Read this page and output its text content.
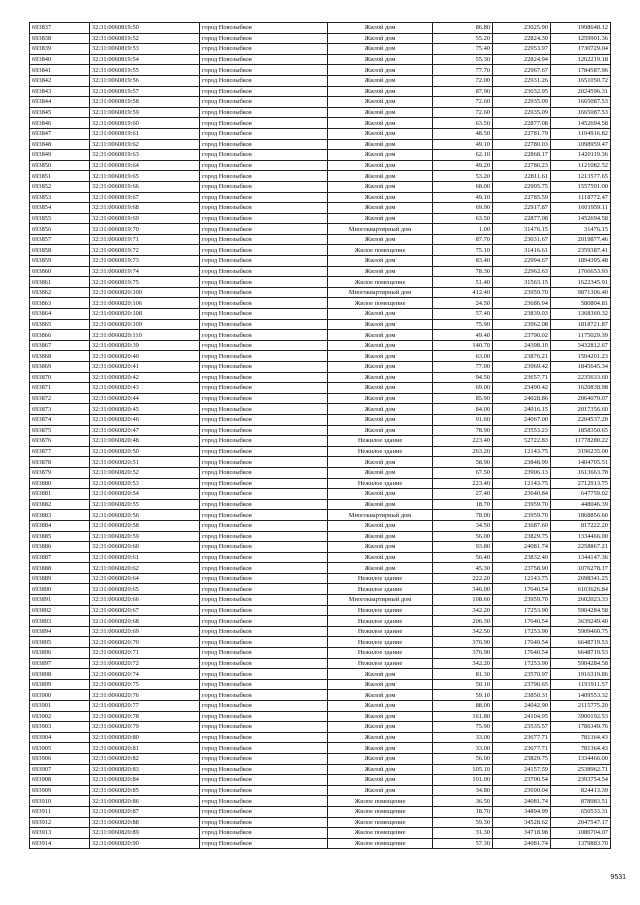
693837	32:31:0060819:50	город Новозыбков	Жилой дом	86.80	23025.90	1998648.12
693838	32:31:0060819:52	город Новозыбков	Жилой дом	55.20	22824.30	1259901.36
693839	32:31:0060819:53	город Новозыбков	Жилой дом	75.40	22953.97	1730729.04
693840	32:31:0060819:54	город Новозыбков	Жилой дом	55.30	22824.94	1262219.18
693841	32:31:0060819:55	город Новозыбков	Жилой дом	77.70	22967.67	1784587.96
693842	32:31:0060819:56	город Новозыбков	Жилой дом	72.00	22931.26	1651050.72
693843	32:31:0060819:57	город Новозыбков	Жилой дом	87.90	23032.95	2024596.31
693844	32:31:0060819:58	город Новозыбков	Жилой дом	72.60	22935.09	1665087.53
693845	32:31:0060819:59	город Новозыбков	Жилой дом	72.60	22935.09	1665087.53
693846	32:31:0060819:60	город Новозыбков	Жилой дом	63.50	22877.08	1452694.58
693847	32:31:0060819:61	город Новозыбков	Жилой дом	48.50	22781.79	1104916.82
693848	32:31:0060819:62	город Новозыбков	Жилой дом	49.10	22780.03	1098959.47
693849	32:31:0060819:63	город Новозыбков	Жилой дом	62.10	22868.17	1420119.36
693850	32:31:0060819:64	город Новозыбков	Жилой дом	49.20	22786.23	1121082.52
693851	32:31:0060819:65	город Новозыбков	Жилой дом	53.20	22811.61	1213577.65
693852	32:31:0060819:66	город Новозыбков	Жилой дом	68.00	22905.75	1557591.00
693853	32:31:0060819:67	город Новозыбков	Жилой дом	49.10	22785.59	1118772.47
693854	32:31:0060819:68	город Новозыбков	Жилой дом	69.90	22917.87	1601959.11
693855	32:31:0060819:69	город Новозыбков	Жилой дом	63.50	22877.08	1452694.58
693856	32:31:0060819:70	город Новозыбков	Многоквартирный дом	1.00	31476.15	31476.15
693857	32:31:0060819:71	город Новозыбков	Жилой дом	87.70	23031.67	2019877.46
693858	32:31:0060819:72	город Новозыбков	Жилое помещение	75.10	31416.61	2359387.41
693859	32:31:0060819:73	город Новозыбков	Жилой дом	83.40	22994.67	1894395.48
693860	32:31:0060819:74	город Новозыбков	Жилой дом	78.30	22962.63	1766653.93
693861	32:31:0060819:75	город Новозыбков	Жилое помещение	51.40	31563.15	1622345.91
693862	32:31:0060820:100	город Новозыбков	Многоквартирный дом	412.40	23959.70	9871306.40
693863	32:31:0060820:106	город Новозыбков	Жилое помещение	24.50	23686.94	580804.81
693864	32:31:0060820:108	город Новозыбков	Жилой дом	57.40	23839.03	1368360.32
693865	32:31:0060820:109	город Новозыбков	Жилой дом	75.90	23962.08	1818721.87
693866	32:31:0060820:110	город Новозыбков	Жилой дом	49.40	23790.02	1175029.39
693867	32:31:0060820:39	город Новозыбков	Жилой дом	140.70	24398.10	3432812.67
693868	32:31:0060820:40	город Новозыбков	Жилой дом	63.00	23876.21	1504201.23
693869	32:31:0060820:41	город Новозыбков	Жилой дом	77.00	23969.42	1845645.34
693870	32:31:0060820:42	город Новозыбков	Жилой дом	94.50	23657.71	2235633.60
693871	32:31:0060820:43	город Новозыбков	Жилой дом	69.00	23490.42	1620838.98
693872	32:31:0060820:44	город Новозыбков	Жилой дом	85.90	24028.86	2064079.07
693873	32:31:0060820:45	город Новозыбков	Жилой дом	84.00	24016.15	2017356.60
693874	32:31:0060820:46	город Новозыбков	Жилой дом	91.60	24067.00	2204537.20
693875	32:31:0060820:47	город Новозыбков	Жилой дом	78.90	23553.23	1858350.65
693876	32:31:0060820:48	город Новозыбков	Нежилое здание	223.40	52722.83	11778280.22
693877	32:31:0060820:50	город Новозыбков	Нежилое здание	263.20	12143.75	3196235.00
693878	32:31:0060820:51	город Новозыбков	Жилой дом	58.90	23848.99	1404705.51
693879	32:31:0060820:52	город Новозыбков	Жилой дом	67.50	23906.13	1613663.78
693880	32:31:0060820:53	город Новозыбков	Нежилое здание	223.40	12143.75	2712913.75
693881	32:31:0060820:54	город Новозыбков	Жилой дом	27.40	23640.84	647759.02
693882	32:31:0060820:55	город Новозыбков	Жилой дом	18.70	23959.70	448046.39
693883	32:31:0060820:56	город Новозыбков	Многоквартирный дом	78.00	23959.70	1868856.60
693884	32:31:0060820:58	город Новозыбков	Жилой дом	34.50	23687.60	817222.20
693885	32:31:0060820:59	город Новозыбков	Жилой дом	56.00	23829.75	1334466.00
693886	32:31:0060820:60	город Новозыбков	Жилой дом	93.80	24081.74	2258867.21
693887	32:31:0060820:61	город Новозыбков	Жилой дом	56.40	23832.40	1344147.36
693888	32:31:0060820:62	город Новозыбков	Жилой дом	45.30	23758.90	1076278.17
693889	32:31:0060820:64	город Новозыбков	Нежилое здание	222.20	12143.75	2698341.25
693890	32:31:0060820:65	город Новозыбков	Нежилое здание	346.00	17640.54	6103626.84
693891	32:31:0060820:66	город Новозыбков	Многоквартирный дом	108.60	23959.70	2602023.33
693892	32:31:0060820:67	город Новозыбков	Нежилое здание	342.20	17253.90	5904284.58
693893	32:31:0060820:68	город Новозыбков	Нежилое здание	206.30	17640.54	3639249.40
693894	32:31:0060820:69	город Новозыбков	Нежилое здание	342.50	17253.90	5909460.75
693895	32:31:0060820:70	город Новозыбков	Нежилое здание	376.90	17640.54	6648719.53
693896	32:31:0060820:71	город Новозыбков	Нежилое здание	376.90	17640.54	6648719.53
693897	32:31:0060820:72	город Новозыбков	Нежилое здание	342.20	17253.90	5904284.58
693898	32:31:0060820:74	город Новозыбков	Жилой дом	81.30	23570.97	1916319.86
693899	32:31:0060820:75	город Новозыбков	Жилой дом	50.10	23790.65	1191911.57
693900	32:31:0060820:76	город Новозыбков	Жилой дом	59.10	23850.31	1409553.32
693901	32:31:0060820:77	город Новозыбков	Жилой дом	88.00	24042.90	2115775.20
693902	32:31:0060820:78	город Новозыбков	Жилой дом	161.80	24104.95	3900192.53
693903	32:31:0060820:79	город Новозыбков	Жилой дом	75.90	23535.57	1786349.76
693904	32:31:0060820:80	город Новозыбков	Жилой дом	33.00	23677.71	781364.43
693905	32:31:0060820:81	город Новозыбков	Жилой дом	33.00	23677.71	781364.43
693906	32:31:0060820:82	город Новозыбков	Жилой дом	56.00	23829.75	1334466.00
693907	32:31:0060820:83	город Новозыбков	Жилой дом	105.10	24157.59	2538962.71
693908	32:31:0060820:84	город Новозыбков	Жилой дом	101.00	23700.54	2393754.54
693909	32:31:0060820:85	город Новозыбков	Жилой дом	34.80	23690.04	824413.39
693910	32:31:0060820:86	город Новозыбков	Жилое помещение	36.50	24081.74	878983.51
693911	32:31:0060820:87	город Новозыбков	Жилое помещение	18.70	34894.99	650533.31
693912	32:31:0060820:88	город Новозыбков	Жилое помещение	59.30	34528.62	2047547.17
693913	32:31:0060820:89	город Новозыбков	Жилое помещение	31.30	34718.98	1086704.07
693914	32:31:0060820:90	город Новозыбков	Жилое помещение	57.30	24081.74	1379883.70
9531
